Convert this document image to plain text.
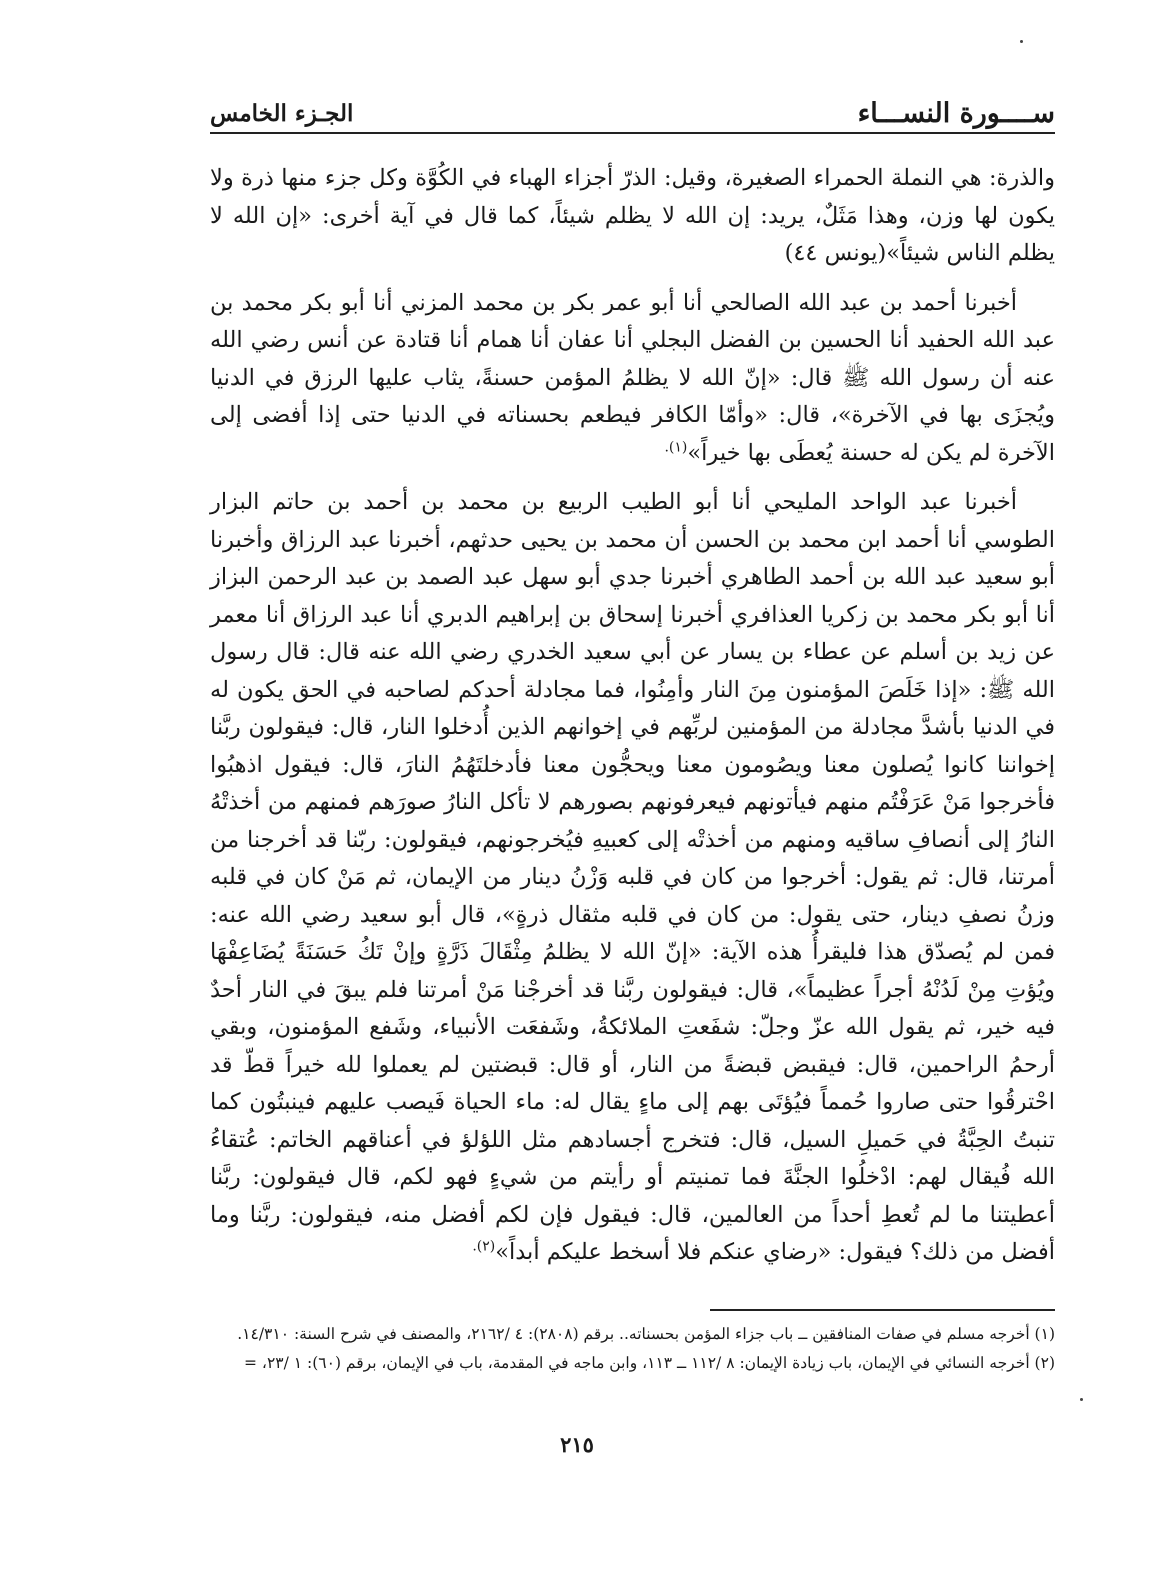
ســــورة النســـاء
الجـزء الخامس

والذرة: هي النملة الحمراء الصغيرة، وقيل: الذرّ أجزاء الهباء في الكُوَّة وكل جزء منها ذرة ولا يكون لها وزن، وهذا مَثَلٌ، يريد: إن الله لا يظلم شيئاً، كما قال في آية أخرى: «إن الله لا يظلم الناس شيئاً»(يونس ٤٤)

أخبرنا أحمد بن عبد الله الصالحي أنا أبو عمر بكر بن محمد المزني أنا أبو بكر محمد بن عبد الله الحفيد أنا الحسين بن الفضل البجلي أنا عفان أنا همام أنا قتادة عن أنس رضي الله عنه أن رسول الله ﷺ قال: «إنّ الله لا يظلمُ المؤمن حسنةً، يثاب عليها الرزق في الدنيا ويُجزَى بها في الآخرة»، قال: «وأمّا الكافر فيطعم بحسناته في الدنيا حتى إذا أفضى إلى الآخرة لم يكن له حسنة يُعطَى بها خيراً»$^{(١).}$

أخبرنا عبد الواحد المليحي أنا أبو الطيب الربيع بن محمد بن أحمد بن حاتم البزار الطوسي أنا أحمد ابن محمد بن الحسن أن محمد بن يحيى حدثهم، أخبرنا عبد الرزاق وأخبرنا أبو سعيد عبد الله بن أحمد الطاهري أخبرنا جدي أبو سهل عبد الصمد بن عبد الرحمن البزاز أنا أبو بكر محمد بن زكريا العذافري أخبرنا إسحاق بن إبراهيم الدبري أنا عبد الرزاق أنا معمر عن زيد بن أسلم عن عطاء بن يسار عن أبي سعيد الخدري رضي الله عنه قال: قال رسول الله ﷺ: «إذا خَلَصَ المؤمنون مِنَ النار وأمِنُوا، فما مجادلة أحدكم لصاحبه في الحق يكون له في الدنيا بأشدَّ مجادلة من المؤمنين لربِّهم في إخوانهم الذين أُدخلوا النار، قال: فيقولون ربَّنا إخواننا كانوا يُصلون معنا ويصُومون معنا ويحجُّون معنا فأدخلتَهُمُ النارَ، قال: فيقول اذهبُوا فأخرجوا مَنْ عَرَفْتُم منهم فيأتونهم فيعرفونهم بصورهم لا تأكل النارُ صورَهم فمنهم من أخذتْهُ النارُ إلى أنصافِ ساقيه ومنهم من أخذتْه إلى كعبيهِ فيُخرجونهم، فيقولون: ربّنا قد أخرجنا من أمرتنا، قال: ثم يقول: أخرجوا من كان في قلبه وَزْنُ دينار من الإيمان، ثم مَنْ كان في قلبه وزنُ نصفِ دينار، حتى يقول: من كان في قلبه مثقال ذرةٍ»، قال أبو سعيد رضي الله عنه: فمن لم يُصدّق هذا فليقرأُ هذه الآية: «إنّ الله لا يظلمُ مِثْقَالَ ذَرَّةٍ وإنْ تَكُ حَسَنَةً يُضَاعِفْهَا ويُؤتِ مِنْ لَدُنْهُ أجراً عظيماً»، قال: فيقولون ربَّنا قد أخرجْنا مَنْ أمرتنا فلم يبقَ في النار أحدٌ فيه خير، ثم يقول الله عزّ وجلّ: شفَعتِ الملائكةُ، وشَفعَت الأنبياء، وشَفع المؤمنون، وبقي أرحمُ الراحمين، قال: فيقبض قبضةً من النار، أو قال: قبضتين لم يعملوا لله خيراً قطّ قد احْترقُوا حتى صاروا حُمماً فيُؤتَى بهم إلى ماءٍ يقال له: ماء الحياة فَيصب عليهم فينبتُون كما تنبتُ الحِبَّةُ في حَميلِ السيل، قال: فتخرج أجسادهم مثل اللؤلؤ في أعناقهم الخاتم: عُتقاءُ الله فُيقال لهم: ادْخلُوا الجنَّةَ فما تمنيتم أو رأيتم من شيءٍ فهو لكم، قال فيقولون: ربَّنا أعطيتنا ما لم تُعطِ أحداً من العالمين، قال: فيقول فإن لكم أفضل منه، فيقولون: ربَّنا وما أفضل من ذلك؟ فيقول: «رضاي عنكم فلا أسخط عليكم أبداً»$^{(٢).}$

(١) أخرجه مسلم في صفات المنافقين ــ باب جزاء المؤمن بحسناته.. برقم (٢٨٠٨): ٤ /٢١٦٢، والمصنف في شرح السنة: ١٤/٣١٠.

(٢) أخرجه النسائي في الإيمان، باب زيادة الإيمان: ٨ /١١٢ ــ ١١٣، وابن ماجه في المقدمة، باب في الإيمان، برقم (٦٠): ١ /٢٣، =

٢١٥
